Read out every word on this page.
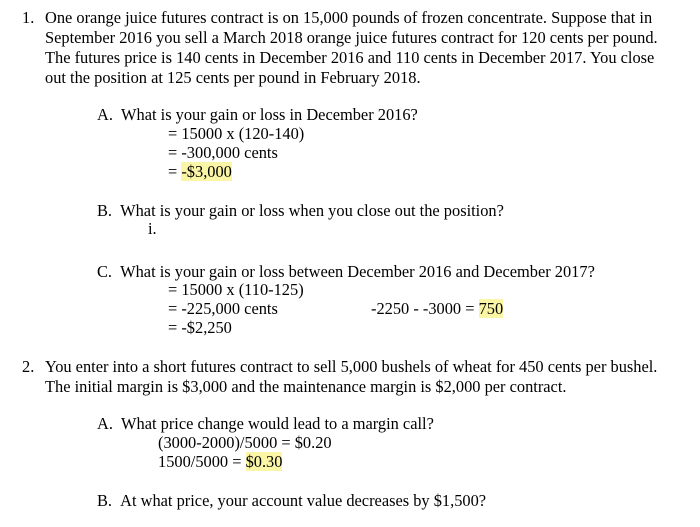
1. One orange juice futures contract is on 15,000 pounds of frozen concentrate. Suppose that in
September 2016 you sell a March 2018 orange juice futures contract for 120 cents per pound.
The futures price is 140 cents in December 2016 and 110 cents in December 2017. You close
out the position at 125 cents per pound in February 2018.
A. What is your gain or loss in December 2016?
= 15000 x (120-140)
= -300,000 cents
= -$3,000
B. What is your gain or loss when you close out the position?
i.
C. What is your gain or loss between December 2016 and December 2017?
= 15000 x (110-125)
= -225,000 cents	-2250 - -3000 = 750
= -$2,250
2. You enter into a short futures contract to sell 5,000 bushels of wheat for 450 cents per bushel.
The initial margin is $3,000 and the maintenance margin is $2,000 per contract.
A. What price change would lead to a margin call?
(3000-2000)/5000 = $0.20
1500/5000 = $0.30
B. At what price, your account value decreases by $1,500?
